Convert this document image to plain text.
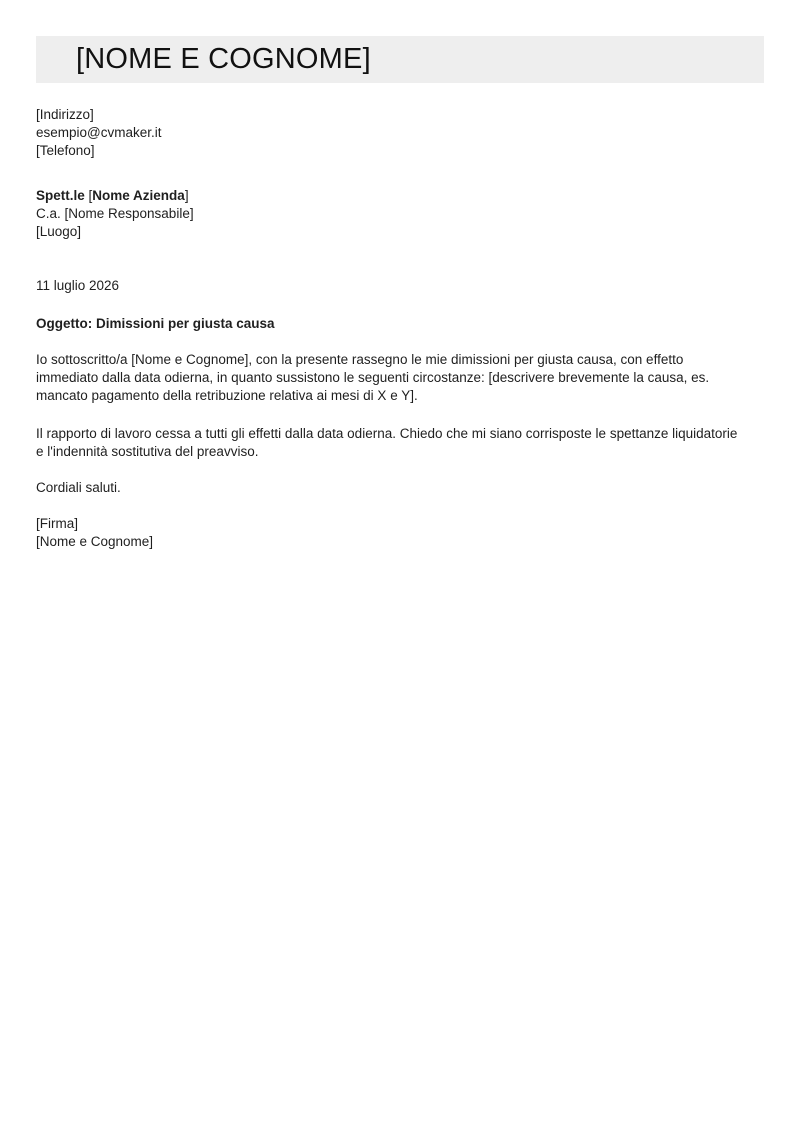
[NOME E COGNOME]
[Indirizzo]
esempio@cvmaker.it
[Telefono]
Spett.le [Nome Azienda]
C.a. [Nome Responsabile]
[Luogo]
11 luglio 2026
Oggetto: Dimissioni per giusta causa
Io sottoscritto/a [Nome e Cognome], con la presente rassegno le mie dimissioni per giusta causa, con effetto immediato dalla data odierna, in quanto sussistono le seguenti circostanze: [descrivere brevemente la causa, es. mancato pagamento della retribuzione relativa ai mesi di X e Y].
Il rapporto di lavoro cessa a tutti gli effetti dalla data odierna. Chiedo che mi siano corrisposte le spettanze liquidatorie e l'indennità sostitutiva del preavviso.
Cordiali saluti.
[Firma]
[Nome e Cognome]
